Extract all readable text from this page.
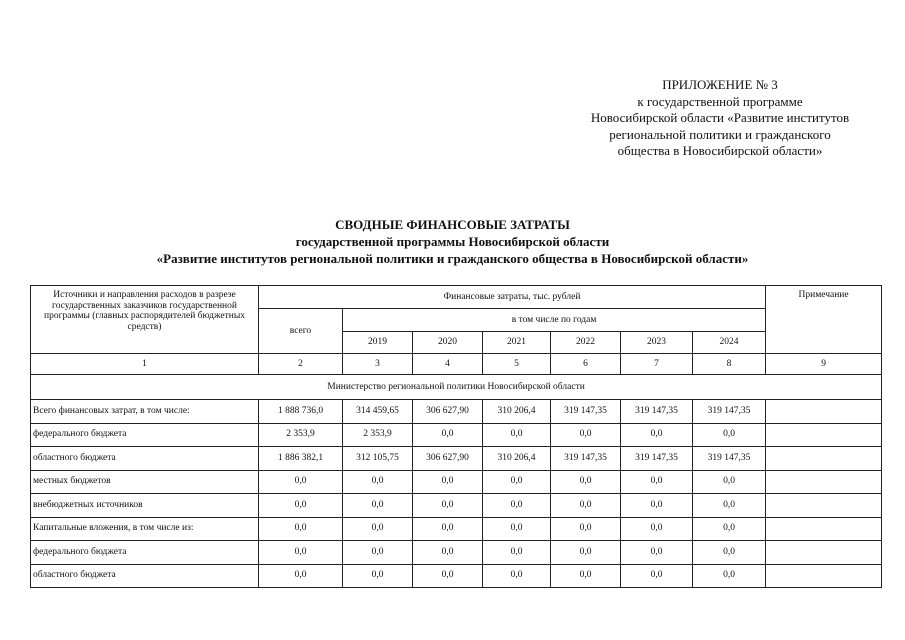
ПРИЛОЖЕНИЕ № 3
к государственной программе
Новосибирской области «Развитие институтов
региональной политики и гражданского
общества в Новосибирской области»
СВОДНЫЕ ФИНАНСОВЫЕ ЗАТРАТЫ
государственной программы Новосибирской области
«Развитие институтов региональной политики и гражданского общества в Новосибирской области»
Источники и направления расходов в разрезе государственных заказчиков государственной программы (главных распорядителей бюджетных средств)	Финансовые затраты, тыс. рублей							Примечание
	всего	в том числе по годам						
		2019	2020	2021	2022	2023	2024	
1	2	3	4	5	6	7	8	9
Министерство региональной политики Новосибирской области								
Всего финансовых затрат, в том числе:	1 888 736,0	314 459,65	306 627,90	310 206,4	319 147,35	319 147,35	319 147,35	
федерального бюджета	2 353,9	2 353,9	0,0	0,0	0,0	0,0	0,0	
областного бюджета	1 886 382,1	312 105,75	306 627,90	310 206,4	319 147,35	319 147,35	319 147,35	
местных бюджетов	0,0	0,0	0,0	0,0	0,0	0,0	0,0	
внебюджетных источников	0,0	0,0	0,0	0,0	0,0	0,0	0,0	
Капитальные вложения, в том числе из:	0,0	0,0	0,0	0,0	0,0	0,0	0,0	
федерального бюджета	0,0	0,0	0,0	0,0	0,0	0,0	0,0	
областного бюджета	0,0	0,0	0,0	0,0	0,0	0,0	0,0	
